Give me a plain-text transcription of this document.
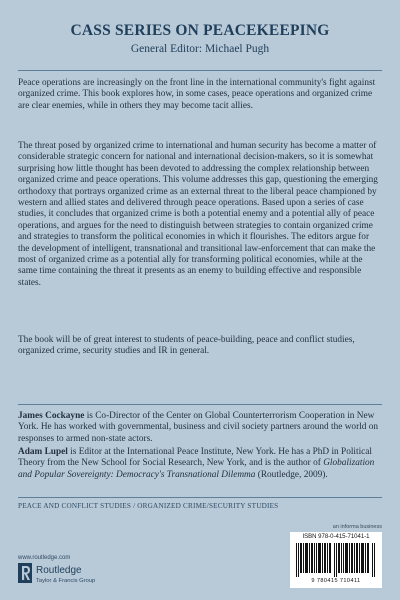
CASS SERIES ON PEACEKEEPING
General Editor: Michael Pugh

Peace operations are increasingly on the front line in the international community's fight against organized crime. This book explores how, in some cases, peace operations and organized crime are clear enemies, while in others they may become tacit allies.

The threat posed by organized crime to international and human security has become a matter of considerable strategic concern for national and international decision-makers, so it is somewhat surprising how little thought has been devoted to addressing the complex relationship between organized crime and peace operations. This volume addresses this gap, questioning the emerging orthodoxy that portrays organized crime as an external threat to the liberal peace championed by western and allied states and delivered through peace operations. Based upon a series of case studies, it concludes that organized crime is both a potential enemy and a potential ally of peace operations, and argues for the need to distinguish between strategies to contain organized crime and strategies to transform the political economies in which it flourishes. The editors argue for the development of intelligent, transnational and transitional law-enforcement that can make the most of organized crime as a potential ally for transforming political economies, while at the same time containing the threat it presents as an enemy to building effective and responsible states.

The book will be of great interest to students of peace-building, peace and conflict studies, organized crime, security studies and IR in general.

James Cockayne is Co-Director of the Center on Global Counterterrorism Cooperation in New York. He has worked with governmental, business and civil society partners around the world on responses to armed non-state actors.

Adam Lupel is Editor at the International Peace Institute, New York. He has a PhD in Political Theory from the New School for Social Research, New York, and is the author of Globalization and Popular Sovereignty: Democracy's Transnational Dilemma (Routledge, 2009).

PEACE AND CONFLICT STUDIES / ORGANIZED CRIME/SECURITY STUDIES
an informa business
ISBN 978-0-415-71041-1
9 780415 710411
www.routledge.com
Routledge
Taylor & Francis Group
